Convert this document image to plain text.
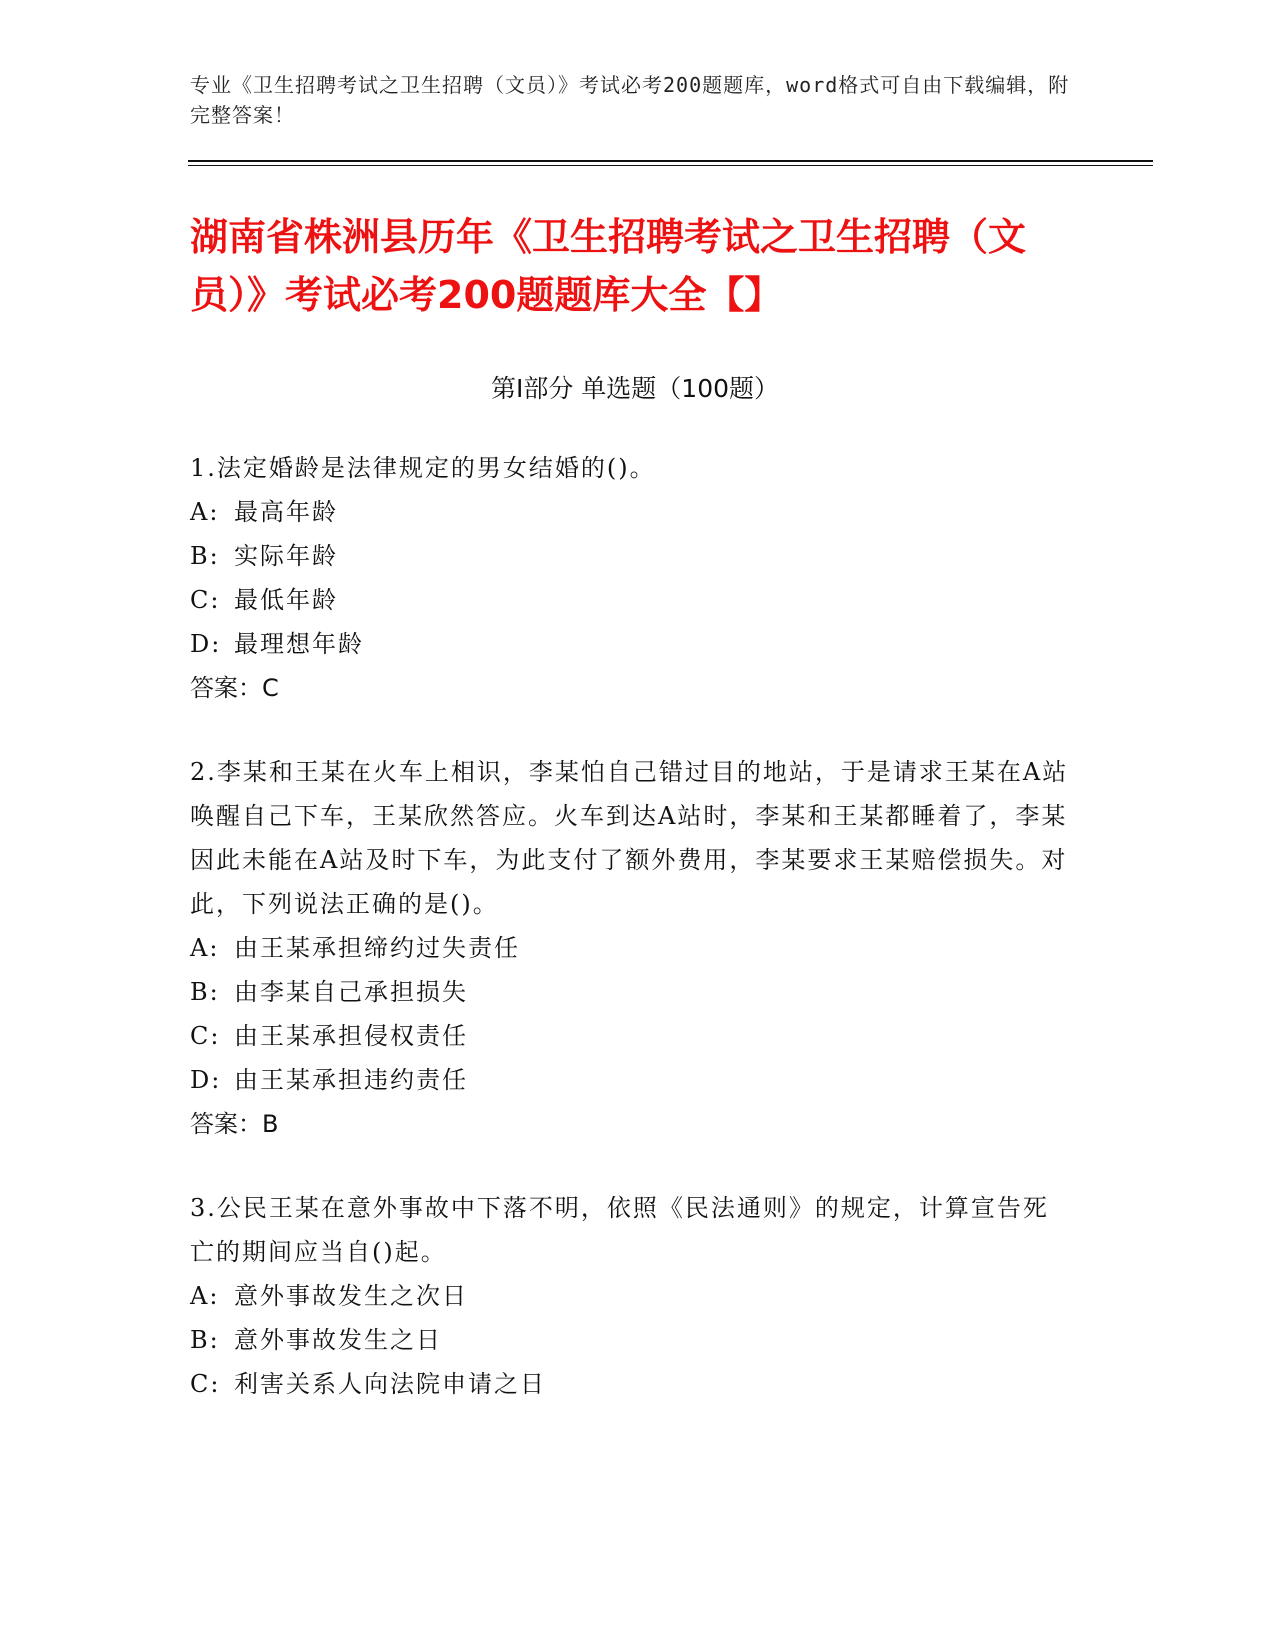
专业《卫生招聘考试之卫生招聘（文员）》考试必考200题题库，word格式可自由下载编辑，附完整答案！
湖南省株洲县历年《卫生招聘考试之卫生招聘（文员）》考试必考200题题库大全【】
第Ⅰ部分 单选题（100题）
1.法定婚龄是法律规定的男女结婚的()。
A: 最高年龄
B: 实际年龄
C: 最低年龄
D: 最理想年龄
答案：C
2.李某和王某在火车上相识，李某怕自己错过目的地站，于是请求王某在A站唤醒自己下车，王某欣然答应。火车到达A站时，李某和王某都睡着了，李某因此未能在A站及时下车，为此支付了额外费用，李某要求王某赔偿损失。对此，下列说法正确的是()。
A: 由王某承担缔约过失责任
B: 由李某自己承担损失
C: 由王某承担侵权责任
D: 由王某承担违约责任
答案：B
3.公民王某在意外事故中下落不明，依照《民法通则》的规定，计算宣告死亡的期间应当自()起。
A: 意外事故发生之次日
B: 意外事故发生之日
C: 利害关系人向法院申请之日
